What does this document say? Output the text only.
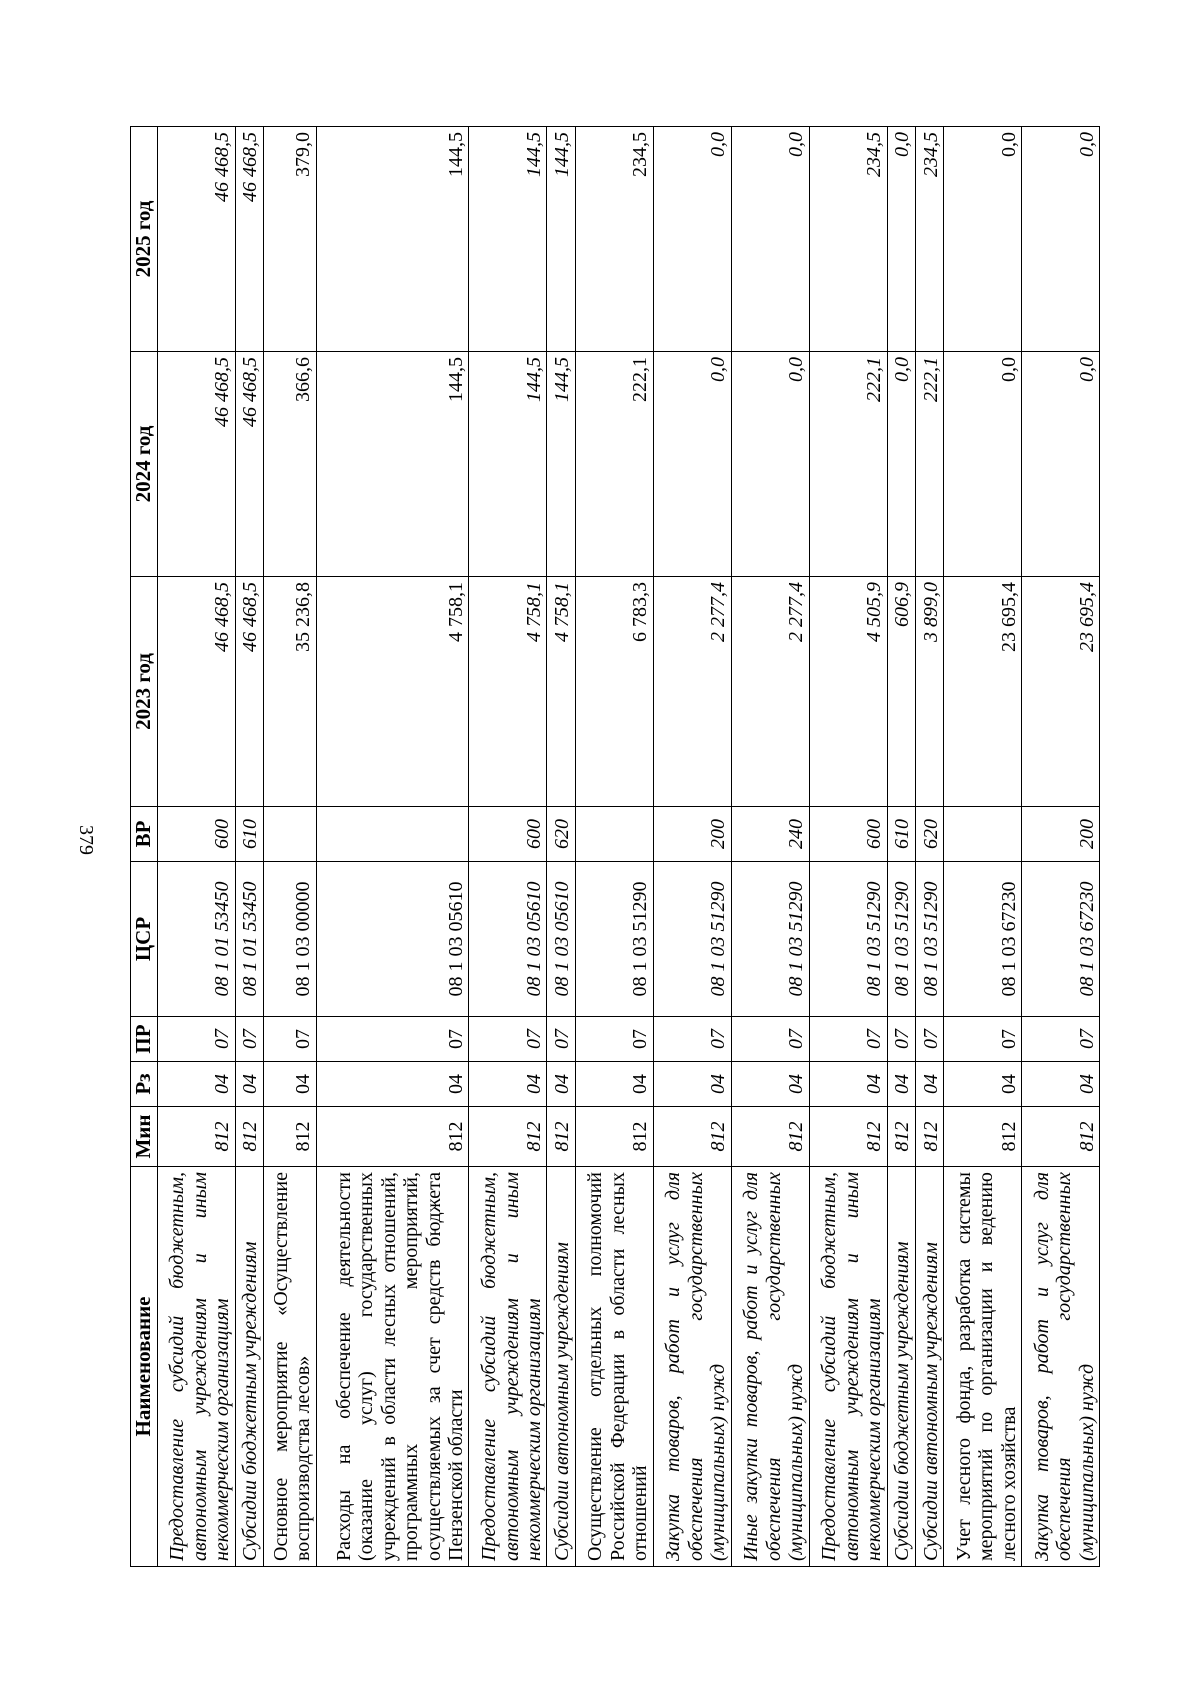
379
Наименование	Мин	Рз	ПР	ЦСР	ВР	2023 год	2024 год	2025 год
Предоставление субсидий бюджетным, автономным учреждениям и иным некоммерческим организациям	812	04	07	08 1 01 53450	600	46 468,5	46 468,5	46 468,5
Субсидии бюджетным учреждениям	812	04	07	08 1 01 53450	610	46 468,5	46 468,5	46 468,5
Основное мероприятие «Осуществление воспроизводства лесов»	812	04	07	08 1 03 00000		35 236,8	366,6	379,0
Расходы на обеспечение деятельности (оказание услуг) государственных учреждений в области лесных отношений, программных мероприятий, осуществляемых за счет средств бюджета Пензенской области	812	04	07	08 1 03 05610		4 758,1	144,5	144,5
Предоставление субсидий бюджетным, автономным учреждениям и иным некоммерческим организациям	812	04	07	08 1 03 05610	600	4 758,1	144,5	144,5
Субсидии автономным учреждениям	812	04	07	08 1 03 05610	620	4 758,1	144,5	144,5
Осуществление отдельных полномочий Российской Федерации в области лесных отношений	812	04	07	08 1 03 51290		6 783,3	222,1	234,5
Закупка товаров, работ и услуг для обеспечения государственных (муниципальных) нужд	812	04	07	08 1 03 51290	200	2 277,4	0,0	0,0
Иные закупки товаров, работ и услуг для обеспечения государственных (муниципальных) нужд	812	04	07	08 1 03 51290	240	2 277,4	0,0	0,0
Предоставление субсидий бюджетным, автономным учреждениям и иным некоммерческим организациям	812	04	07	08 1 03 51290	600	4 505,9	222,1	234,5
Субсидии бюджетным учреждениям	812	04	07	08 1 03 51290	610	606,9	0,0	0,0
Субсидии автономным учреждениям	812	04	07	08 1 03 51290	620	3 899,0	222,1	234,5
Учет лесного фонда, разработка системы мероприятий по организации и ведению лесного хозяйства	812	04	07	08 1 03 67230		23 695,4	0,0	0,0
Закупка товаров, работ и услуг для обеспечения государственных (муниципальных) нужд	812	04	07	08 1 03 67230	200	23 695,4	0,0	0,0
